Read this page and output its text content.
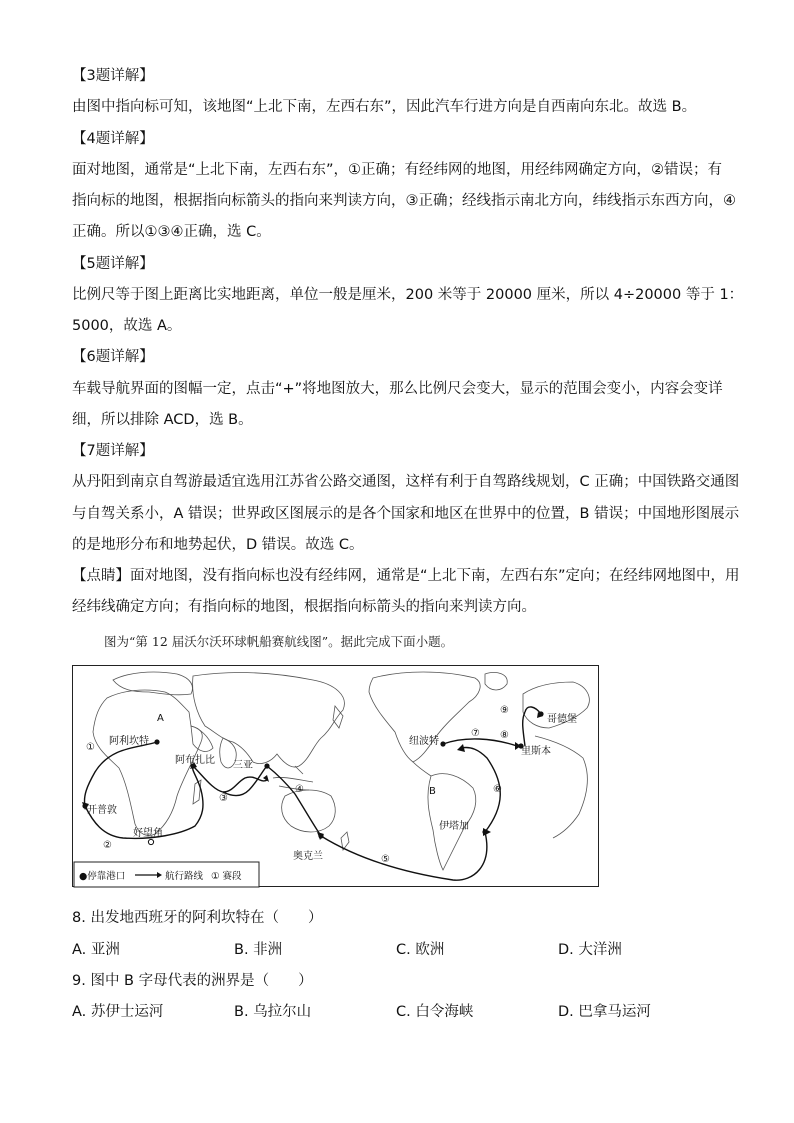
【3题详解】
由图中指向标可知，该地图“上北下南，左西右东”，因此汽车行进方向是自西南向东北。故选 B。
【4题详解】
面对地图，通常是“上北下南，左西右东”，①正确；有经纬网的地图，用经纬网确定方向，②错误；有
指向标的地图，根据指向标箭头的指向来判读方向，③正确；经线指示南北方向，纬线指示东西方向，④
正确。所以①③④正确，选 C。
【5题详解】
比例尺等于图上距离比实地距离，单位一般是厘米，200 米等于 20000 厘米，所以 4÷20000 等于 1：
5000，故选 A。
【6题详解】
车载导航界面的图幅一定，点击“+”将地图放大，那么比例尺会变大，显示的范围会变小，内容会变详
细，所以排除 ACD，选 B。
【7题详解】
从丹阳到南京自驾游最适宜选用江苏省公路交通图，这样有利于自驾路线规划，C 正确；中国铁路交通图
与自驾关系小，A 错误；世界政区图展示的是各个国家和地区在世界中的位置，B 错误；中国地形图展示
的是地形分布和地势起伏，D 错误。故选 C。
【点睛】面对地图，没有指向标也没有经纬网，通常是“上北下南，左西右东”定向；在经纬网地图中，用
经纬线确定方向；有指向标的地图，根据指向标箭头的指向来判读方向。
图为“第 12 届沃尔沃环球帆船赛航线图”。据此完成下面小题。
A
B
阿利坎特
阿布扎比 三亚
开普敦
好望角
奥克兰
伊塔加
纽波特
里斯本
哥德堡
①
②
③
④
⑤
⑥
⑦ ⑧
⑨
●停靠港口	航行路线 ① 赛段
8. 出发地西班牙的阿利坎特在（　　）
A. 亚洲	B. 非洲	C. 欧洲	D. 大洋洲
9. 图中 B 字母代表的洲界是（　　）
A. 苏伊士运河	B. 乌拉尔山	C. 白令海峡	D. 巴拿马运河
